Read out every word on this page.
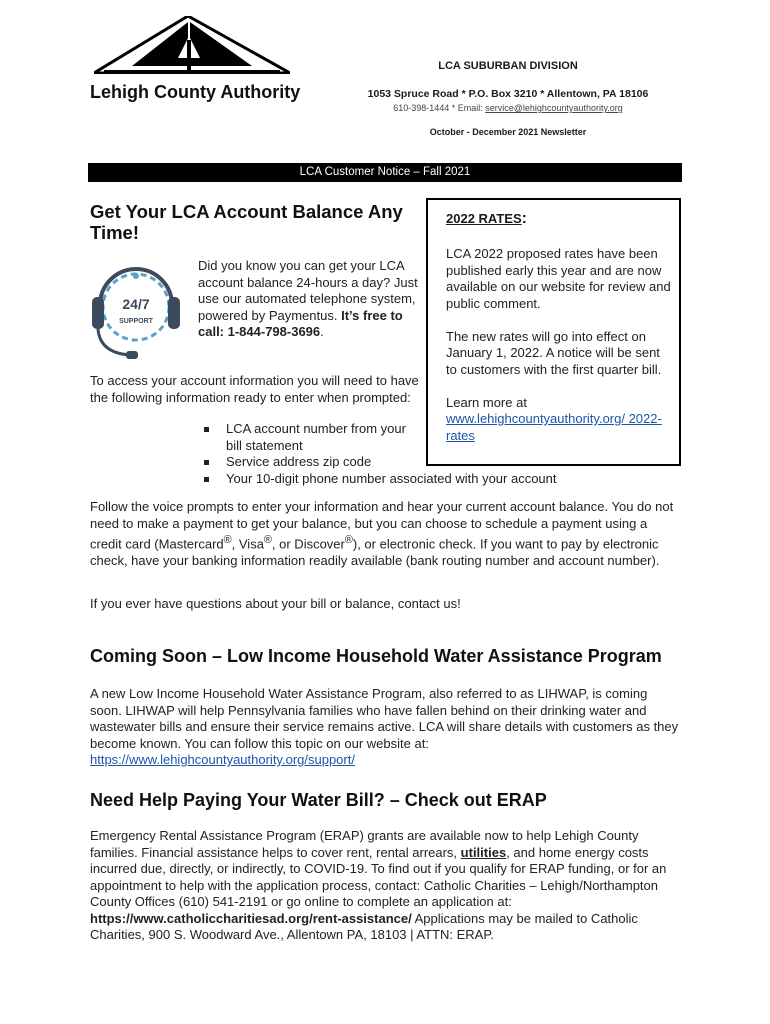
Lehigh County Authority
LCA SUBURBAN DIVISION
1053 Spruce Road * P.O. Box 3210 * Allentown, PA 18106
610-398-1444 * Email: service@lehighcountyauthority.org
October - December 2021 Newsletter
LCA Customer Notice – Fall 2021
Get Your LCA Account Balance Any Time!
24/7
SUPPORT

Did you know you can get your LCA account balance 24-hours a day? Just use our automated telephone system, powered by Paymentus. It’s free to call: 1-844-798-3696.

To access your account information you will need to have the following information ready to enter when prompted:

2022 RATES:

LCA 2022 proposed rates have been published early this year and are now available on our website for review and public comment.

The new rates will go into effect on January 1, 2022. A notice will be sent to customers with the first quarter bill.

Learn more at
www.lehighcountyauthority.org/ 2022-rates

LCA account number from your bill statement
Service address zip code
Your 10-digit phone number associated with your account

Follow the voice prompts to enter your information and hear your current account balance. You do not need to make a payment to get your balance, but you can choose to schedule a payment using a credit card (Mastercard®, Visa®, or Discover®), or electronic check. If you want to pay by electronic check, have your banking information readily available (bank routing number and account number).

If you ever have questions about your bill or balance, contact us!

Coming Soon – Low Income Household Water Assistance Program

A new Low Income Household Water Assistance Program, also referred to as LIHWAP, is coming soon. LIHWAP will help Pennsylvania families who have fallen behind on their drinking water and wastewater bills and ensure their service remains active. LCA will share details with customers as they become known. You can follow this topic on our website at: https://www.lehighcountyauthority.org/support/

Need Help Paying Your Water Bill? – Check out ERAP

Emergency Rental Assistance Program (ERAP) grants are available now to help Lehigh County families. Financial assistance helps to cover rent, rental arrears, utilities, and home energy costs incurred due, directly, or indirectly, to COVID-19. To find out if you qualify for ERAP funding, or for an appointment to help with the application process, contact: Catholic Charities – Lehigh/Northampton County Offices (610) 541-2191 or go online to complete an application at: https://www.catholiccharitiesad.org/rent-assistance/ Applications may be mailed to Catholic Charities, 900 S. Woodward Ave., Allentown PA, 18103 | ATTN: ERAP.
